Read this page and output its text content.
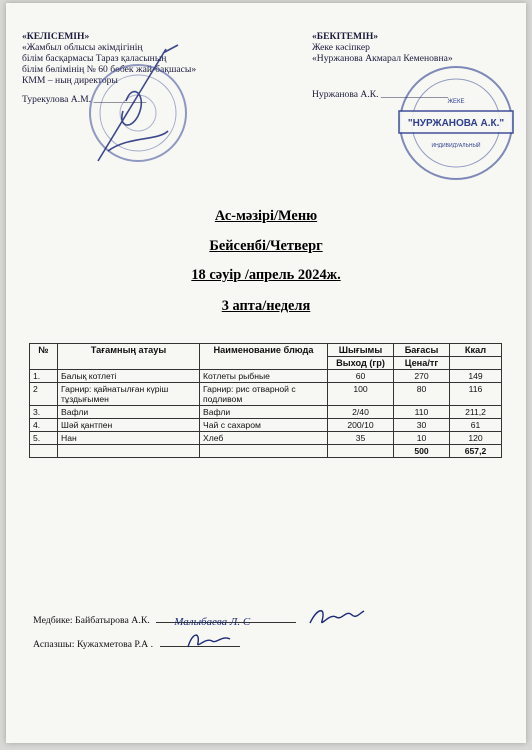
«КЕЛІСЕМІН»
«Жамбыл облысы әкімдігінің
білім басқармасы Тараз қаласының
білім бөлімінің № 60 бөбек жай-бақшасы»
КММ – ның директоры
Турекулова А.М. ___________
«БЕКІТЕМІН»
Жеке кәсіпкер
«Нуржанова Акмарал Кеменовна»
Нуржанова А.К. ______________
"НУРЖАНОВА А.К."
ЖЕКЕ
ИНДИВИДУАЛЬНЫЙ
Ас-мәзірі/Меню
Бейсенбі/Четверг
18 сәуір /апрель 2024ж.
3 апта/неделя
№	Тағамның атауы	Наименование блюда	Шығымы	Бағасы	Ккал
			Выход (гр)	Цена/тг	
1.	Балық котлеті	Котлеты рыбные	60	270	149
2	Гарнир: қайнатылған күріш тұздығымен	Гарнир: рис отварной с подливом	100	80	116
3.	Вафли	Вафли	2/40	110	211,2
4.	Шәй қантпен	Чай с сахаром	200/10	30	61
5.	Нан	Хлеб	35	10	120
				500	657,2
Медбике: Байбатырова А.К. Малыбаева Л. С
Аспазшы: Кужахметова Р.А .
